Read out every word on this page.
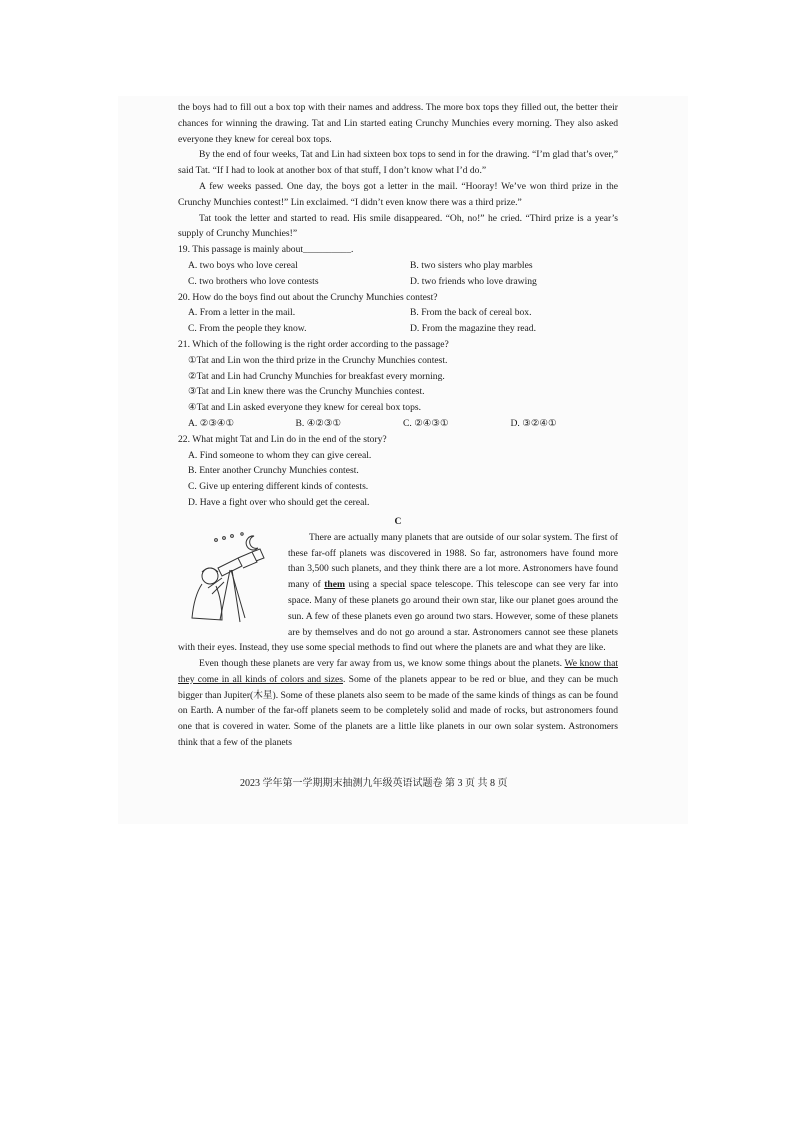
the boys had to fill out a box top with their names and address. The more box tops they filled out, the better their chances for winning the drawing. Tat and Lin started eating Crunchy Munchies every morning. They also asked everyone they knew for cereal box tops.

By the end of four weeks, Tat and Lin had sixteen box tops to send in for the drawing. “I’m glad that’s over,” said Tat. “If I had to look at another box of that stuff, I don’t know what I’d do.”

A few weeks passed. One day, the boys got a letter in the mail. “Hooray! We’ve won third prize in the Crunchy Munchies contest!” Lin exclaimed. “I didn’t even know there was a third prize.”

Tat took the letter and started to read. His smile disappeared. “Oh, no!” he cried. “Third prize is a year’s supply of Crunchy Munchies!”

19. This passage is mainly about__________.

A. two boys who love cereal	B. two sisters who play marbles
C. two brothers who love contests	D. two friends who love drawing

20. How do the boys find out about the Crunchy Munchies contest?

A. From a letter in the mail.	B. From the back of cereal box.
C. From the people they know.	D. From the magazine they read.

21. Which of the following is the right order according to the passage?

①Tat and Lin won the third prize in the Crunchy Munchies contest.

②Tat and Lin had Crunchy Munchies for breakfast every morning.

③Tat and Lin knew there was the Crunchy Munchies contest.

④Tat and Lin asked everyone they knew for cereal box tops.

A. ②③④①	B. ④②③①	C. ②④③①	D. ③②④①

22. What might Tat and Lin do in the end of the story?

A. Find someone to whom they can give cereal.

B. Enter another Crunchy Munchies contest.

C. Give up entering different kinds of contests.

D. Have a fight over who should get the cereal.

C

There are actually many planets that are outside of our solar system. The first of these far-off planets was discovered in 1988. So far, astronomers have found more than 3,500 such planets, and they think there are a lot more. Astronomers have found many of them using a special space telescope. This telescope can see very far into space. Many of these planets go around their own star, like our planet goes around the sun. A few of these planets even go around two stars. However, some of these planets are by themselves and do not go around a star. Astronomers cannot see these planets with their eyes. Instead, they use some special methods to find out where the planets are and what they are like.

Even though these planets are very far away from us, we know some things about the planets. We know that they come in all kinds of colors and sizes. Some of the planets appear to be red or blue, and they can be much bigger than Jupiter(木星). Some of these planets also seem to be made of the same kinds of things as can be found on Earth. A number of the far-off planets seem to be completely solid and made of rocks, but astronomers found one that is covered in water. Some of the planets are a little like planets in our own solar system. Astronomers think that a few of the planets

2023 学年第一学期期末抽测九年级英语试题卷 第 3 页 共 8 页
